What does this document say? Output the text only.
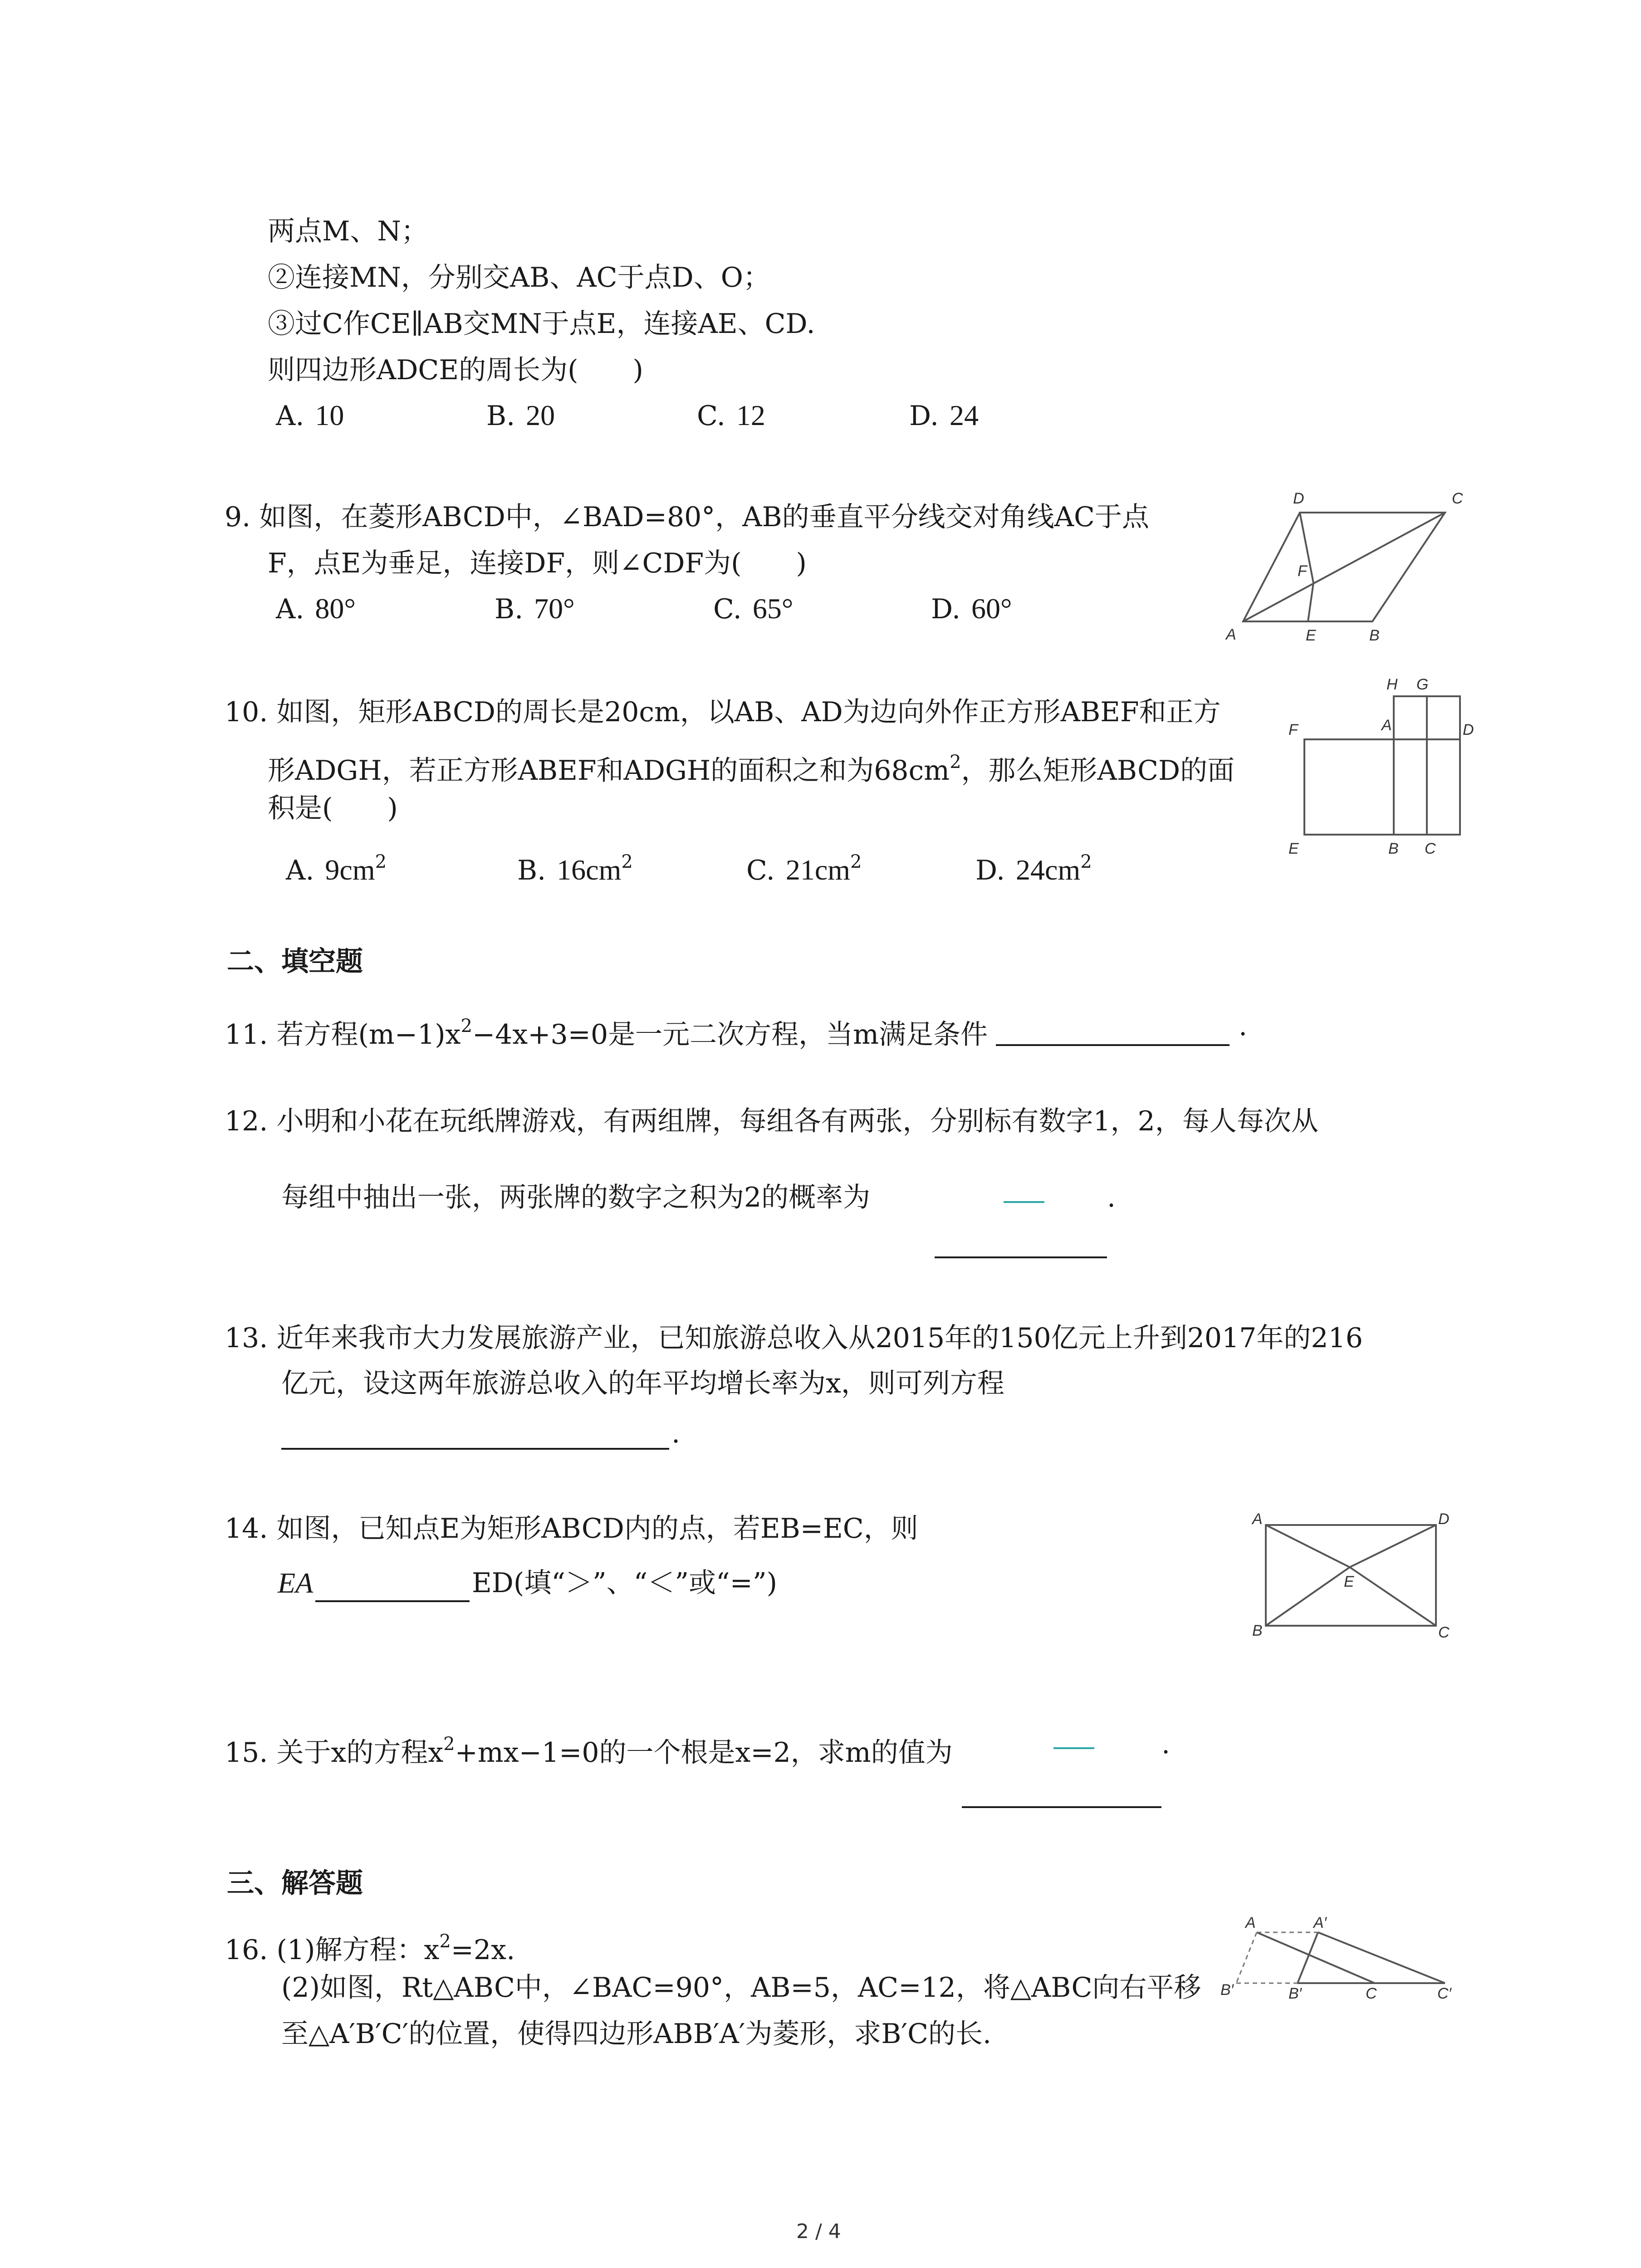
两点M、N；
②连接MN，分别交AB、AC于点D、O；
③过C作CE∥AB交MN于点E，连接AE、CD.
则四边形ADCE的周长为(　　)
A. 10	B. 20	C. 12	D. 24
9. 如图，在菱形ABCD中，∠BAD=80°，AB的垂直平分线交对角线AC于点
F，点E为垂足，连接DF，则∠CDF为(　　)
A. 80°	B. 70°	C. 65°	D. 60°
A	E	B
C
D
F
10. 如图，矩形ABCD的周长是20cm，以AB、AD为边向外作正方形ABEF和正方
形ADGH，若正方形ABEF和ADGH的面积之和为$68cm^2$，那么矩形ABCD的面
积是(　　)
A. $9cm^2$	B. $16cm^2$	C. $21cm^2$	D. $24cm^2$
H G
F	A	D
E	B C
二、填空题
11. 若方程$(m-1)x^2-4x+3=0$是一元二次方程，当m满足条件	.
12. 小明和小花在玩纸牌游戏，有两组牌，每组各有两张，分别标有数字1，2，每人每次从
每组中抽出一张，两张牌的数字之积为2的概率为	.
13. 近年来我市大力发展旅游产业，已知旅游总收入从2015年的150亿元上升到2017年的216
亿元，设这两年旅游总收入的年平均增长率为x，则可列方程
.
14. 如图，已知点E为矩形ABCD内的点，若EB=EC，则
EA	ED(填“＞”、“＜”或“=”)
A	D
E
B	C
15. 关于x的方程$x^2+mx-1=0$的一个根是x=2，求m的值为	.
三、解答题
16. (1)解方程：$x^2=2x$.
(2)如图，Rt△ABC中，∠BAC=90°，AB=5，AC=12，将△ABC向右平移
至△A′B′C′的位置，使得四边形ABB′A′为菱形，求B′C的长.
A	A′
B′	B′	C	C′
2 / 4
